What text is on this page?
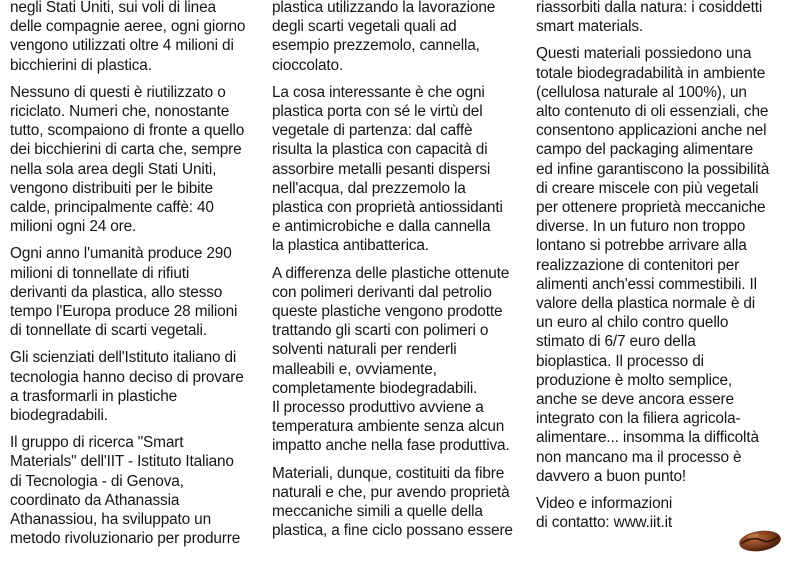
negli Stati Uniti, sui voli di linea
delle compagnie aeree, ogni giorno
vengono utilizzati oltre 4 milioni di
bicchierini di plastica.

Nessuno di questi è riutilizzato o
riciclato. Numeri che, nonostante
tutto, scompaiono di fronte a quello
dei bicchierini di carta che, sempre
nella sola area degli Stati Uniti,
vengono distribuiti per le bibite
calde, principalmente caffè: 40
milioni ogni 24 ore.

Ogni anno l'umanità produce 290
milioni di tonnellate di rifiuti
derivanti da plastica, allo stesso
tempo l'Europa produce 28 milioni
di tonnellate di scarti vegetali.

Gli scienziati dell'Istituto italiano di
tecnologia hanno deciso di provare
a trasformarli in plastiche
biodegradabili.

Il gruppo di ricerca "Smart
Materials" dell'IIT - Istituto Italiano
di Tecnologia - di Genova,
coordinato da Athanassia
Athanassiou, ha sviluppato un
metodo rivoluzionario per produrre

plastica utilizzando la lavorazione
degli scarti vegetali quali ad
esempio prezzemolo, cannella,
cioccolato.

La cosa interessante è che ogni
plastica porta con sé le virtù del
vegetale di partenza: dal caffè
risulta la plastica con capacità di
assorbire metalli pesanti dispersi
nell'acqua, dal prezzemolo la
plastica con proprietà antiossidanti
e antimicrobiche e dalla cannella
la plastica antibatterica.

A differenza delle plastiche ottenute
con polimeri derivanti dal petrolio
queste plastiche vengono prodotte
trattando gli scarti con polimeri o
solventi naturali per renderli
malleabili e, ovviamente,
completamente biodegradabili.
Il processo produttivo avviene a
temperatura ambiente senza alcun
impatto anche nella fase produttiva.

Materiali, dunque, costituiti da fibre
naturali e che, pur avendo proprietà
meccaniche simili a quelle della
plastica, a fine ciclo possano essere

riassorbiti dalla natura: i cosiddetti
smart materials.

Questi materiali possiedono una
totale biodegradabilità in ambiente
(cellulosa naturale al 100%), un
alto contenuto di oli essenziali, che
consentono applicazioni anche nel
campo del packaging alimentare
ed infine garantiscono la possibilità
di creare miscele con più vegetali
per ottenere proprietà meccaniche
diverse. In un futuro non troppo
lontano si potrebbe arrivare alla
realizzazione di contenitori per
alimenti anch'essi commestibili. Il
valore della plastica normale è di
un euro al chilo contro quello
stimato di 6/7 euro della
bioplastica. Il processo di
produzione è molto semplice,
anche se deve ancora essere
integrato con la filiera agricola-
alimentare... insomma la difficoltà
non mancano ma il processo è
davvero a buon punto!

Video e informazioni
di contatto: www.iit.it
